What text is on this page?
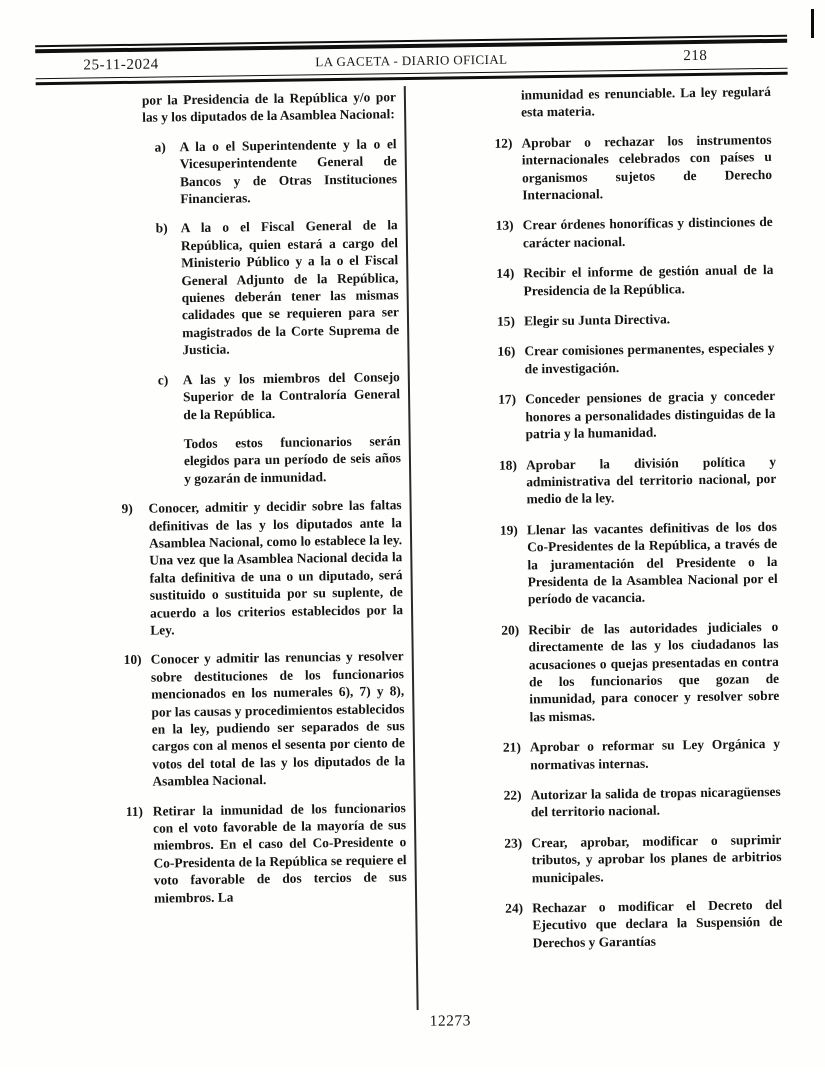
25-11-2024	LA GACETA - DIARIO OFICIAL	218

por la Presidencia de la República y/o por las y los diputados de la Asamblea Nacional:

a)	A la o el Superintendente y la o el Vicesuperintendente General de Bancos y de Otras Instituciones Financieras.
b) A la o el Fiscal General de la República, quien estará a cargo del Ministerio Público y a la o el Fiscal General Adjunto de la República, quienes deberán tener las mismas calidades que se requieren para ser magistrados de la Corte Suprema de Justicia.
c)	A las y los miembros del Consejo Superior de la Contraloría General de la República.

Todos estos funcionarios serán elegidos para un período de seis años y gozarán de inmunidad.

9)	Conocer, admitir y decidir sobre las faltas definitivas de las y los diputados ante la Asamblea Nacional, como lo establece la ley. Una vez que la Asamblea Nacional decida la falta definitiva de una o un diputado, será sustituido o sustituida por su suplente, de acuerdo a los criterios establecidos por la Ley.
10) Conocer y admitir las renuncias y resolver sobre destituciones de los funcionarios mencionados en los numerales 6), 7) y 8), por las causas y procedimientos establecidos en la ley, pudiendo ser separados de sus cargos con al menos el sesenta por ciento de votos del total de las y los diputados de la Asamblea Nacional.
11) Retirar la inmunidad de los funcionarios con el voto favorable de la mayoría de sus miembros. En el caso del Co-Presidente o Co-Presidenta de la República se requiere el voto favorable de dos tercios de sus miembros. La

inmunidad es renunciable. La ley regulará esta materia.

12) Aprobar o rechazar los instrumentos internacionales celebrados con países u organismos sujetos de Derecho Internacional.
13) Crear órdenes honoríficas y distinciones de carácter nacional.
14) Recibir el informe de gestión anual de la Presidencia de la República.
15) Elegir su Junta Directiva.
16) Crear comisiones permanentes, especiales y de investigación.
17) Conceder pensiones de gracia y conceder honores a personalidades distinguidas de la patria y la humanidad.
18) Aprobar la división política y administrativa del territorio nacional, por medio de la ley.
19) Llenar las vacantes definitivas de los dos Co-Presidentes de la República, a través de la juramentación del Presidente o la Presidenta de la Asamblea Nacional por el período de vacancia.
20) Recibir de las autoridades judiciales o directamente de las y los ciudadanos las acusaciones o quejas presentadas en contra de los funcionarios que gozan de inmunidad, para conocer y resolver sobre las mismas.
21) Aprobar o reformar su Ley Orgánica y normativas internas.
22) Autorizar la salida de tropas nicaragüenses del territorio nacional.
23) Crear, aprobar, modificar o suprimir tributos, y aprobar los planes de arbitrios municipales.
24) Rechazar o modificar el Decreto del Ejecutivo que declara la Suspensión de Derechos y Garantías
12273
